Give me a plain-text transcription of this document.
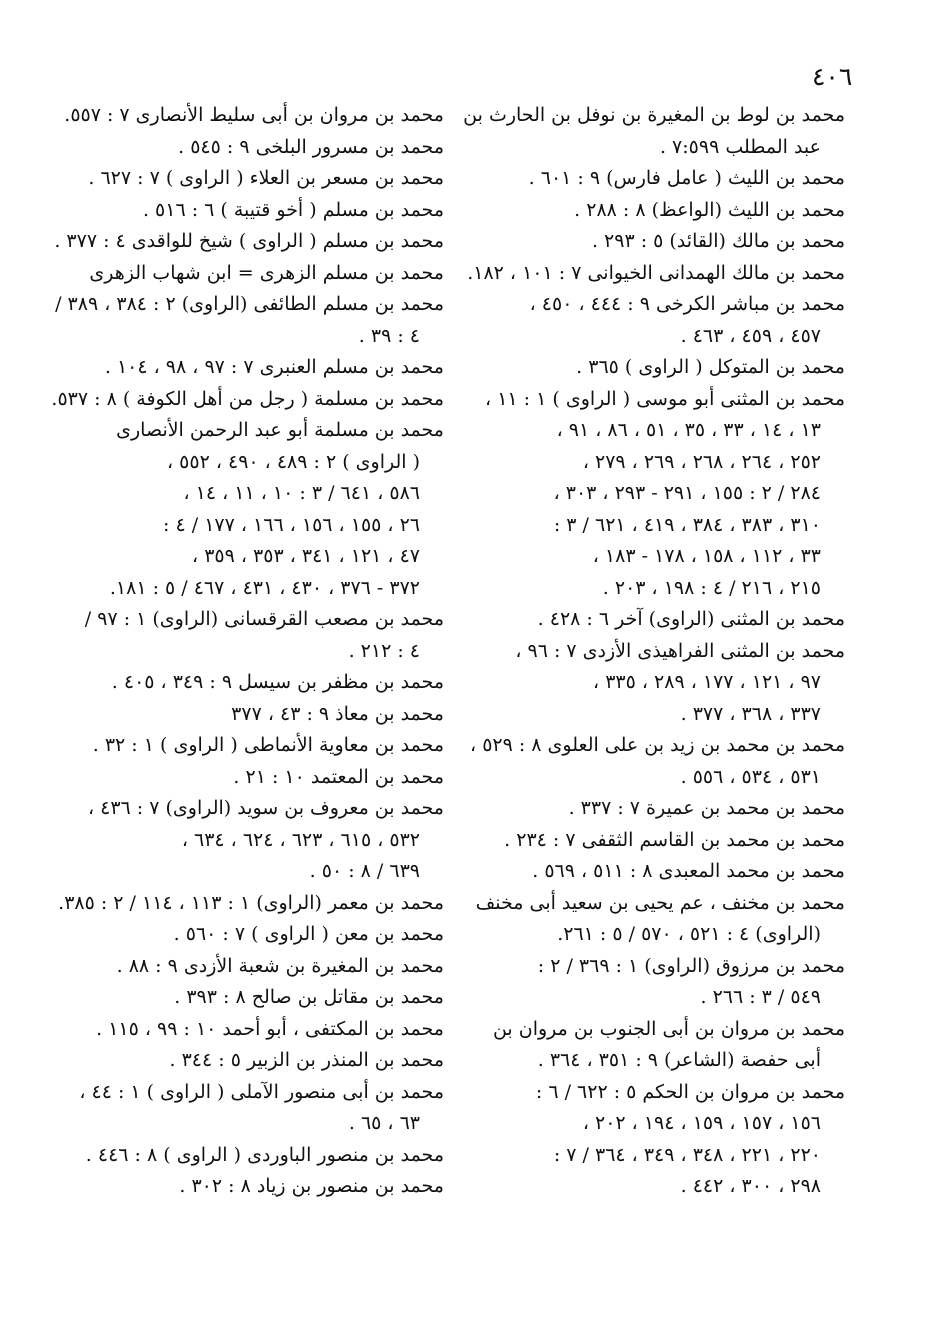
٤٠٦
محمد بن لوط بن المغيرة بن نوفل بن الحارث بن
عبد المطلب ٧:٥٩٩ .
محمد بن الليث ( عامل فارس) ٩ : ٦٠١ .
محمد بن الليث (الواعظ) ٨ : ٢٨٨ .
محمد بن مالك (القائد) ٥ : ٢٩٣ .
محمد بن مالك الهمدانى الخيوانى ٧ : ١٠١ ، ١٨٢.
محمد بن مباشر الكرخى ٩ : ٤٤٤ ، ٤٥٠ ،
٤٥٧ ، ٤٥٩ ، ٤٦٣ .
محمد بن المتوكل ( الراوى ) ٣٦٥ .
محمد بن المثنى أبو موسى ( الراوى ) ١ : ١١ ،
١٣ ، ١٤ ، ٣٣ ، ٣٥ ، ٥١ ، ٨٦ ، ٩١ ،
٢٥٢ ، ٢٦٤ ، ٢٦٨ ، ٢٦٩ ، ٢٧٩ ،
٢٨٤ / ٢ : ١٥٥ ، ٢٩١ - ٢٩٣ ، ٣٠٣ ،
٣١٠ ، ٣٨٣ ، ٣٨٤ ، ٤١٩ ، ٦٢١ / ٣ :
٣٣ ، ١١٢ ، ١٥٨ ، ١٧٨ - ١٨٣ ،
٢١٥ ، ٢١٦ / ٤ : ١٩٨ ، ٢٠٣ .
محمد بن المثنى (الراوى) آخر ٦ : ٤٢٨ .
محمد بن المثنى الفراهيذى الأزدى ٧ : ٩٦ ،
٩٧ ، ١٢١ ، ١٧٧ ، ٢٨٩ ، ٣٣٥ ،
٣٣٧ ، ٣٦٨ ، ٣٧٧ .
محمد بن محمد بن زيد بن على العلوى ٨ : ٥٢٩ ،
٥٣١ ، ٥٣٤ ، ٥٥٦ .
محمد بن محمد بن عميرة ٧ : ٣٣٧ .
محمد بن محمد بن القاسم الثقفى ٧ : ٢٣٤ .
محمد بن محمد المعبدى ٨ : ٥١١ ، ٥٦٩ .
محمد بن مخنف ، عم يحيى بن سعيد أبى مخنف
(الراوى) ٤ : ٥٢١ ، ٥٧٠ / ٥ : ٢٦١.
محمد بن مرزوق (الراوى) ١ : ٣٦٩ / ٢ :
٥٤٩ / ٣ : ٢٦٦ .
محمد بن مروان بن أبى الجنوب بن مروان بن
أبى حفصة (الشاعر) ٩ : ٣٥١ ، ٣٦٤ .
محمد بن مروان بن الحكم ٥ : ٦٢٢ / ٦ :
١٥٦ ، ١٥٧ ، ١٥٩ ، ١٩٤ ، ٢٠٢ ،
٢٢٠ ، ٢٢١ ، ٣٤٨ ، ٣٤٩ ، ٣٦٤ / ٧ :
٢٩٨ ، ٣٠٠ ، ٤٤٢ .
محمد بن مروان بن أبى سليط الأنصارى ٧ : ٥٥٧.
محمد بن مسرور البلخى ٩ : ٥٤٥ .
محمد بن مسعر بن العلاء ( الراوى ) ٧ : ٦٢٧ .
محمد بن مسلم ( أخو قتيبة ) ٦ : ٥١٦ .
محمد بن مسلم ( الراوى ) شيخ للواقدى ٤ : ٣٧٧ .
محمد بن مسلم الزهرى = ابن شهاب الزهرى
محمد بن مسلم الطائفى (الراوى) ٢ : ٣٨٤ ، ٣٨٩ /
٤ : ٣٩ .
محمد بن مسلم العنبرى ٧ : ٩٧ ، ٩٨ ، ١٠٤ .
محمد بن مسلمة ( رجل من أهل الكوفة ) ٨ : ٥٣٧.
محمد بن مسلمة أبو عبد الرحمن الأنصارى
( الراوى ) ٢ : ٤٨٩ ، ٤٩٠ ، ٥٥٢ ،
٥٨٦ ، ٦٤١ / ٣ : ١٠ ، ١١ ، ١٤ ،
٢٦ ، ١٥٥ ، ١٥٦ ، ١٦٦ ، ١٧٧ / ٤ :
٤٧ ، ١٢١ ، ٣٤١ ، ٣٥٣ ، ٣٥٩ ،
٣٧٢ - ٣٧٦ ، ٤٣٠ ، ٤٣١ ، ٤٦٧ / ٥ : ١٨١.
محمد بن مصعب القرقسانى (الراوى) ١ : ٩٧ /
٤ : ٢١٢ .
محمد بن مظفر بن سيسل ٩ : ٣٤٩ ، ٤٠٥ .
محمد بن معاذ ٩ : ٤٣ ، ٣٧٧
محمد بن معاوية الأنماطى ( الراوى ) ١ : ٣٢ .
محمد بن المعتمد ١٠ : ٢١ .
محمد بن معروف بن سويد (الراوى) ٧ : ٤٣٦ ،
٥٣٢ ، ٦١٥ ، ٦٢٣ ، ٦٢٤ ، ٦٣٤ ،
٦٣٩ / ٨ : ٥٠ .
محمد بن معمر (الراوى) ١ : ١١٣ ، ١١٤ / ٢ : ٣٨٥.
محمد بن معن ( الراوى ) ٧ : ٥٦٠ .
محمد بن المغيرة بن شعبة الأزدى ٩ : ٨٨ .
محمد بن مقاتل بن صالح ٨ : ٣٩٣ .
محمد بن المكتفى ، أبو أحمد ١٠ : ٩٩ ، ١١٥ .
محمد بن المنذر بن الزبير ٥ : ٣٤٤ .
محمد بن أبى منصور الآملى ( الراوى ) ١ : ٤٤ ،
٦٣ ، ٦٥ .
محمد بن منصور الباوردى ( الراوى ) ٨ : ٤٤٦ .
محمد بن منصور بن زياد ٨ : ٣٠٢ .
